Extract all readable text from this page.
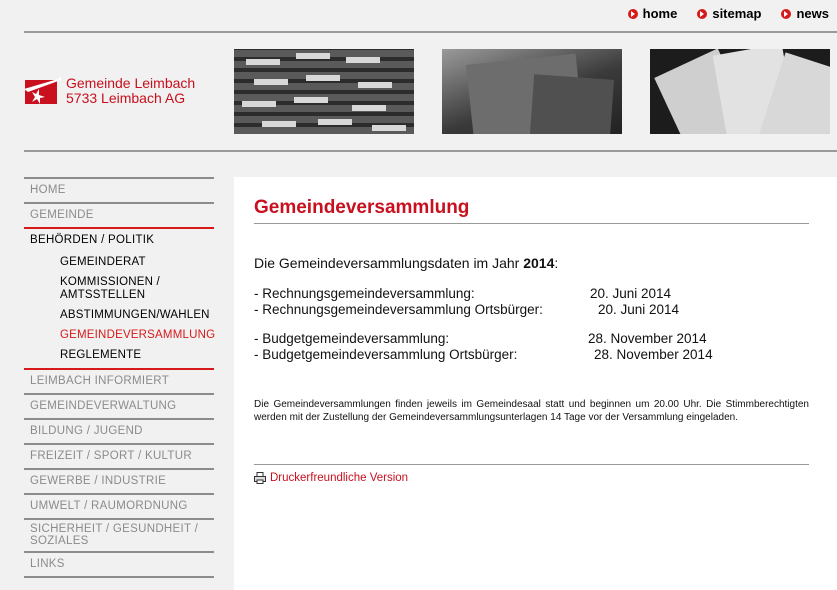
home	sitemap	news
Gemeinde Leimbach
5733 Leimbach AG
HOME
GEMEINDE
BEHÖRDEN / POLITIK
GEMEINDERAT
KOMMISSIONEN / AMTSSTELLEN
ABSTIMMUNGEN/WAHLEN
GEMEINDEVERSAMMLUNG
REGLEMENTE
LEIMBACH INFORMIERT
GEMEINDEVERWALTUNG
BILDUNG / JUGEND
FREIZEIT / SPORT / KULTUR
GEWERBE / INDUSTRIE
UMWELT / RAUMORDNUNG
SICHERHEIT / GESUNDHEIT / SOZIALES
LINKS
Gemeindeversammlung
Die Gemeindeversammlungsdaten im Jahr 2014:
- Rechnungsgemeindeversammlung:	20. Juni 2014
- Rechnungsgemeindeversammlung Ortsbürger:	20. Juni 2014
- Budgetgemeindeversammlung:	28. November 2014
- Budgetgemeindeversammlung Ortsbürger:	28. November 2014
Die Gemeindeversammlungen finden jeweils im Gemeindesaal statt und beginnen um 20.00 Uhr. Die Stimmberechtigten werden mit der Zustellung der Gemeindeversammlungsunterlagen 14 Tage vor der Versammlung eingeladen.
Druckerfreundliche Version
